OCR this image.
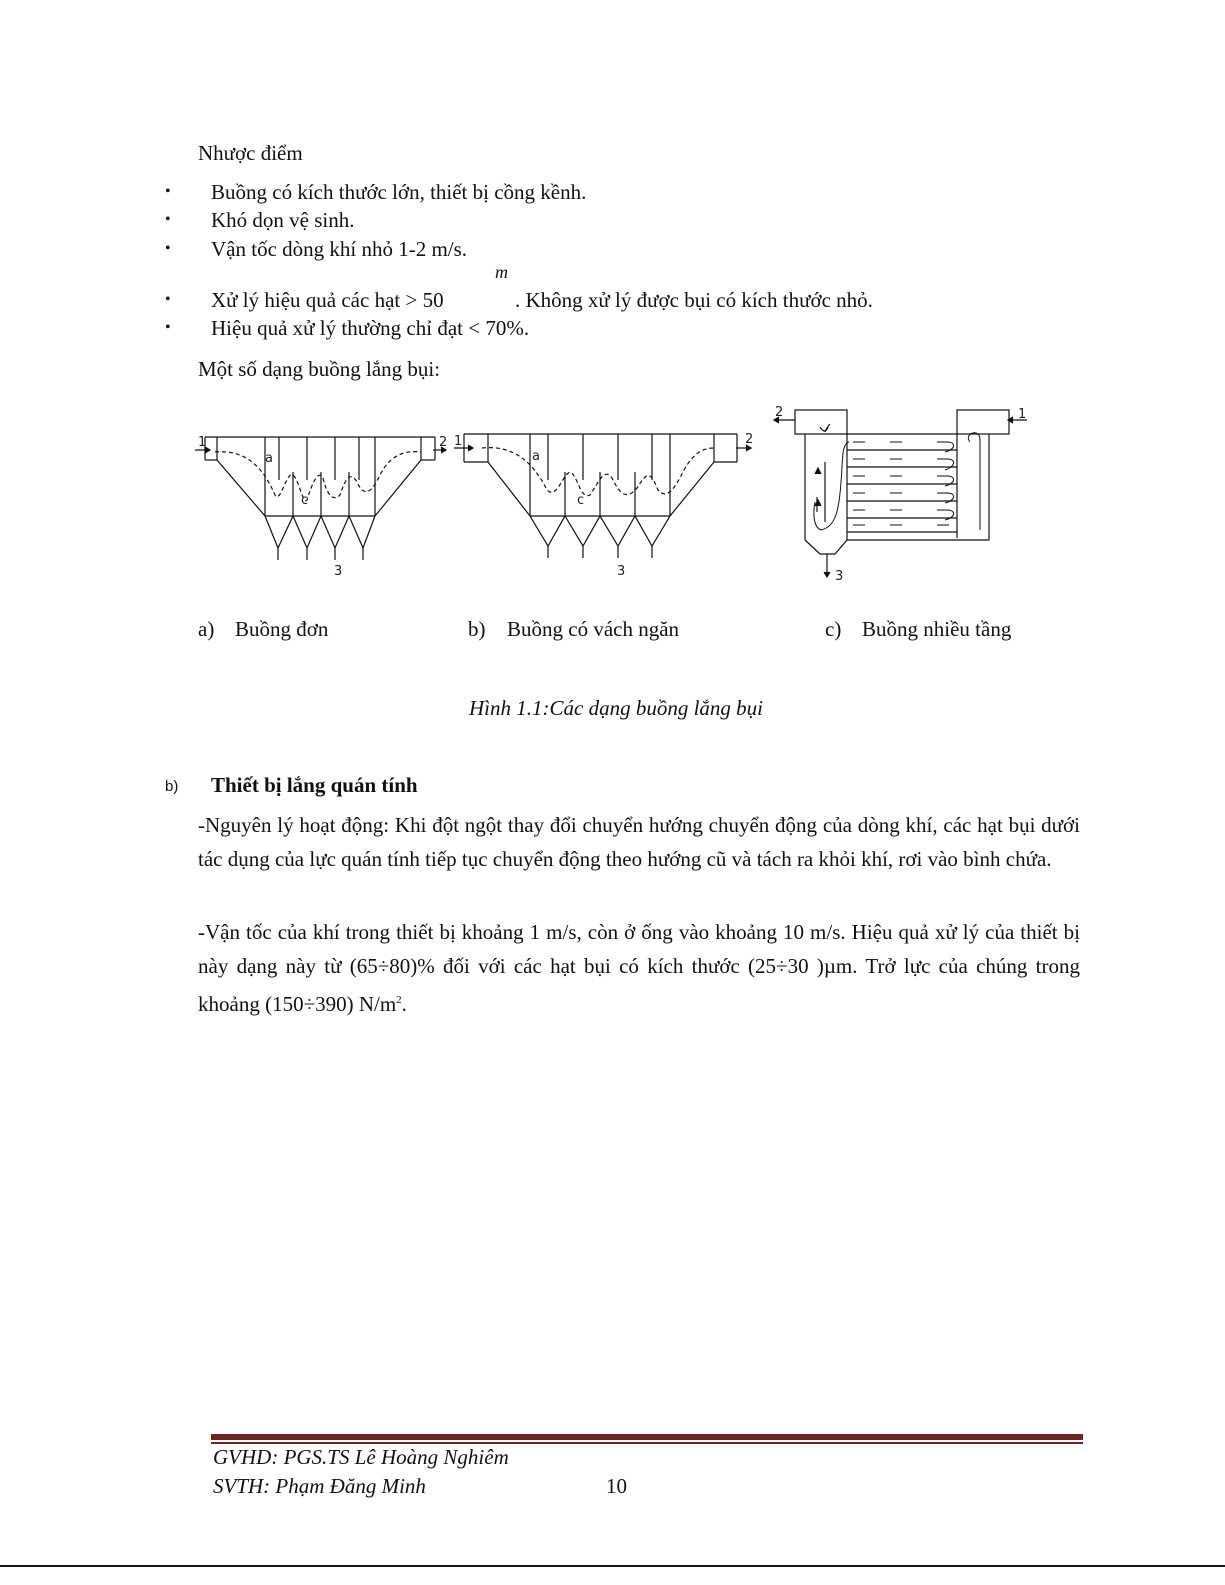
Nhược điểm
• Buồng có kích thước lớn, thiết bị cồng kềnh.
• Khó dọn vệ sinh.
• Vận tốc dòng khí nhỏ 1-2 m/s.
m
• Xử lý hiệu quả các hạt > 50	. Không xử lý được bụi có kích thước nhỏ.
• Hiệu quả xử lý thường chỉ đạt < 70%.
Một số dạng buồng lắng bụi:
1	2
a
c
3
1	2
a
c
3
2	1
3
a) Buồng đơn	b) Buồng có vách ngăn	c) Buồng nhiều tầng
Hình 1.1:Các dạng buồng lắng bụi
b) Thiết bị lắng quán tính
-Nguyên lý hoạt động: Khi đột ngột thay đổi chuyển hướng chuyển động của dòng khí, các hạt bụi dưới tác dụng của lực quán tính tiếp tục chuyển động theo hướng cũ và tách ra khỏi khí, rơi vào bình chứa.
-Vận tốc của khí trong thiết bị khoảng 1 m/s, còn ở ống vào khoảng 10 m/s. Hiệu quả xử lý của thiết bị này dạng này từ (65÷80)% đối với các hạt bụi có kích thước (25÷30 )µm. Trở lực của chúng trong khoảng (150÷390) $N/m^2$.
GVHD: PGS.TS Lê Hoàng Nghiêm
SVTH: Phạm Đăng Minh	10
